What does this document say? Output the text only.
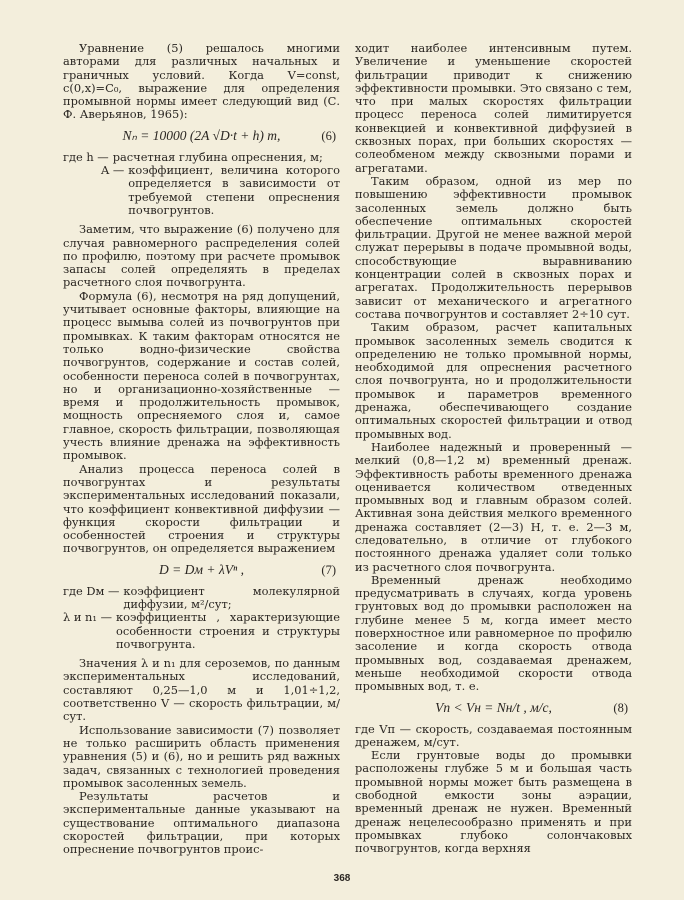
Уравнение (5) решалось многими авторами для различных начальных и граничных условий. Когда V=const, c(0,x)=C₀, выражение для определения промывной нормы имеет следующий вид (С. Ф. Аверьянов, 1965):

Nₙ = 10000 (2A √D·t + h) m,	(6)
где h — расчетная глубина опреснения, м;
A — коэффициент, величина которого определяется в зависимости от требуемой степени опреснения почвогрунтов.

Заметим, что выражение (6) получено для случая равномерного распределения солей по профилю, поэтому при расчете промывок запасы солей определяять в пределах расчетного слоя почвогрунта.

Формула (6), несмотря на ряд допущений, учитывает основные факторы, влияющие на процесс вымыва солей из почвогрунтов при промывках. К таким факторам относятся не только водно-физические свойства почвогрунтов, содержание и состав солей, особенности переноса солей в почвогрунтах, но и организационно-хозяйственные — время и продолжительность промывок, мощность опресняемого слоя и, самое главное, скорость фильтрации, позволяющая учесть влияние дренажа на эффективность промывок.

Анализ процесса переноса солей в почвогрунтах и результаты экспериментальных исследований показали, что коэффициент конвективной диффузии — функция скорости фильтрации и особенностей строения и структуры почвогрунтов, он определяется выражением

D = Dм + λVⁿ ,	(7)
где Dм — коэффициент молекулярной диффузии, м²/сут;
λ и n₁ — коэффициенты , характеризующие особенности строения и структуры почвогрунта.

Значения λ и n₁ для сероземов, по данным экспериментальных исследований, составляют 0,25—1,0 м и 1,01÷1,2, соответственно V — скорость фильтрации, м/сут.

Использование зависимости (7) позволяет не только расширить область применения уравнения (5) и (6), но и решить ряд важных задач, связанных с технологией проведения промывок засоленных земель.

Результаты расчетов и экспериментальные данные указывают на существование оптимального диапазона скоростей фильтрации, при которых опреснение почвогрунтов проис-

ходит наиболее интенсивным путем. Увеличение и уменьшение скоростей фильтрации приводит к снижению эффективности промывки. Это связано с тем, что при малых скоростях фильтрации процесс переноса солей лимитируется конвекцией и конвективной диффузией в сквозных порах, при больших скоростях — солеобменом между сквозными порами и агрегатами.

Таким образом, одной из мер по повышению эффективности промывок засоленных земель должно быть обеспечение оптимальных скоростей фильтрации. Другой не менее важной мерой служат перерывы в подаче промывной воды, способствующие выравниванию концентрации солей в сквозных порах и агрегатах. Продолжительность перерывов зависит от механического и агрегатного состава почвогрунтов и составляет 2÷10 сут.

Таким образом, расчет капитальных промывок засоленных земель сводится к определению не только промывной нормы, необходимой для опреснения расчетного слоя почвогрунта, но и продолжительности промывок и параметров временного дренажа, обеспечивающего создание оптимальных скоростей фильтрации и отвод промывных вод.

Наиболее надежный и проверенный — мелкий (0,8—1,2 м) временный дренаж. Эффективность работы временного дренажа оценивается количеством отведенных промывных вод и главным образом солей. Активная зона действия мелкого временного дренажа составляет (2—3) H, т. е. 2—3 м, следовательно, в отличие от глубокого постоянного дренажа удаляет соли только из расчетного слоя почвогрунта.

Временный дренаж необходимо предусматривать в случаях, когда уровень грунтовых вод до промывки расположен на глубине менее 5 м, когда имеет место поверхностное или равномерное по профилю засоление и когда скорость отвода промывных вод, создаваемая дренажем, меньше необходимой скорости отвода промывных вод, т. е.

Vп < Vн = Nн/t , м/с,	(8)

где Vп — скорость, создаваемая постоянным дренажем, м/сут.

Если грунтовые воды до промывки расположены глубже 5 м и большая часть промывной нормы может быть размещена в свободной емкости зоны аэрации, временный дренаж не нужен. Временный дренаж нецелесообразно применять и при промывках глубоко солончаковых почвогрунтов, когда верхняя

368
